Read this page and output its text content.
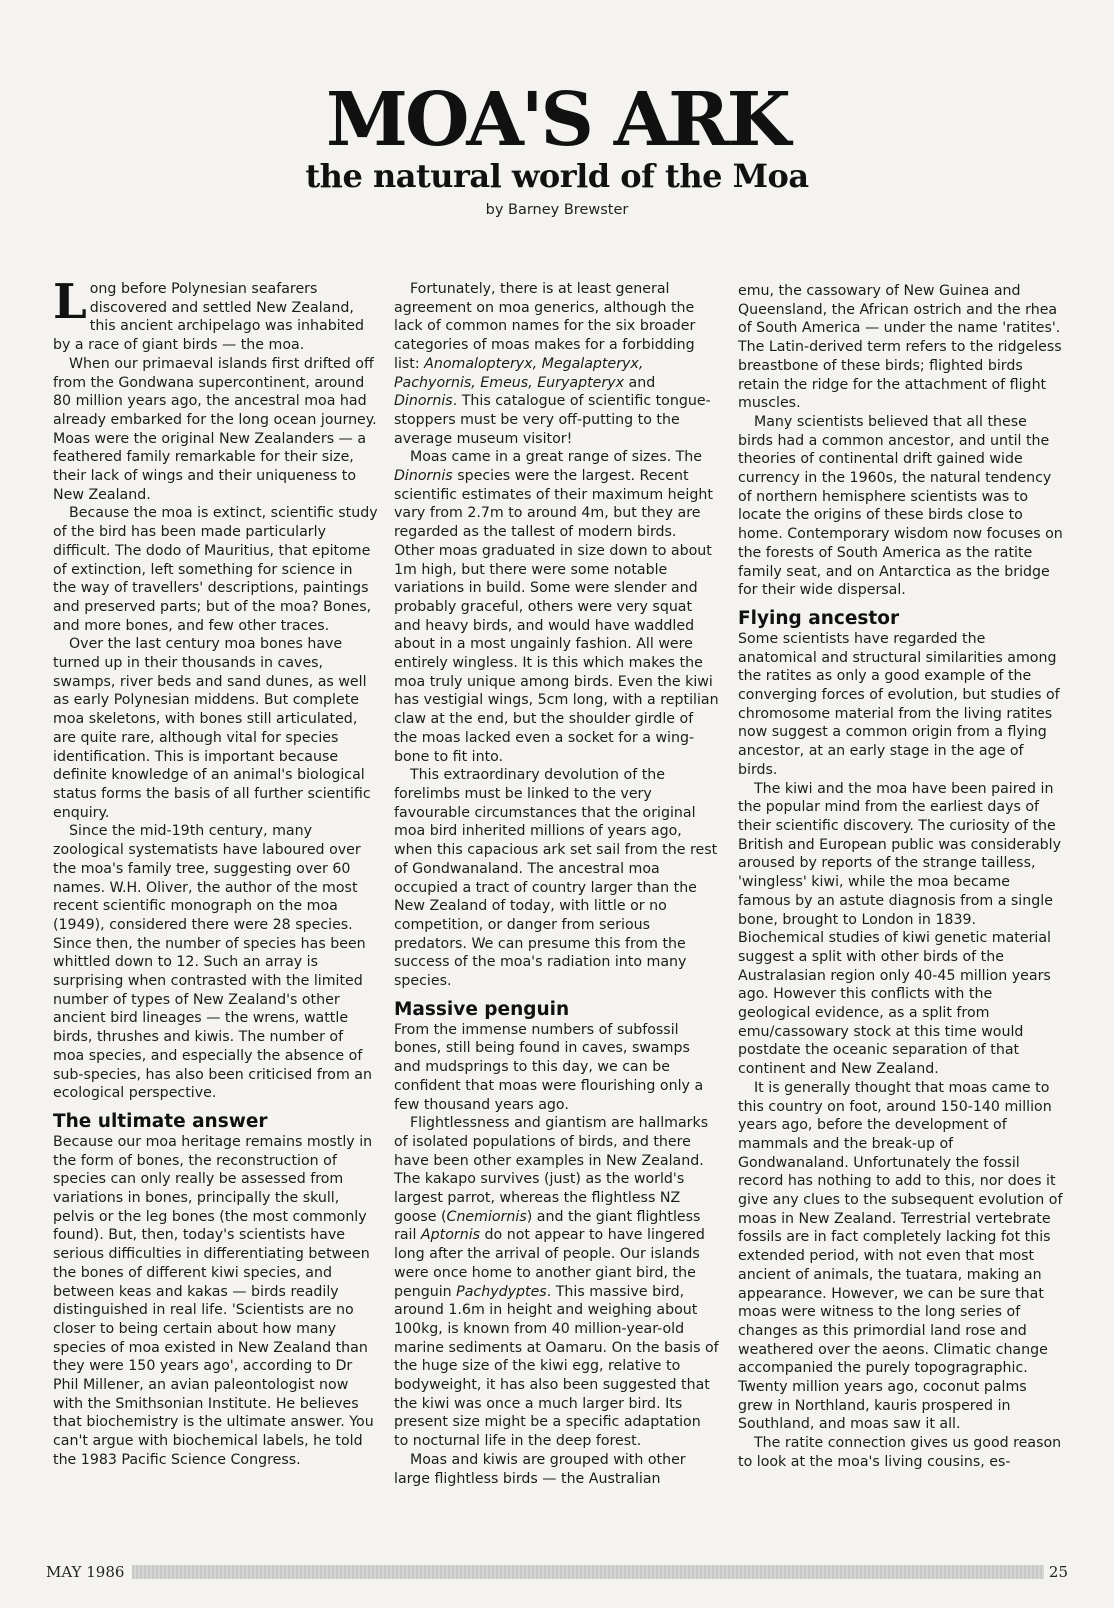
MOA'S ARK
the natural world of the Moa
by Barney Brewster

Long before Polynesian seafarers discovered and settled New Zealand, this ancient archipelago was inhabited by a race of giant birds — the moa.

When our primaeval islands first drifted off from the Gondwana supercontinent, around 80 million years ago, the ancestral moa had already embarked for the long ocean journey. Moas were the original New Zealanders — a feathered family remarkable for their size, their lack of wings and their uniqueness to New Zealand.

Because the moa is extinct, scientific study of the bird has been made particularly difficult. The dodo of Mauritius, that epitome of extinction, left something for science in the way of travellers' descriptions, paintings and preserved parts; but of the moa? Bones, and more bones, and few other traces.

Over the last century moa bones have turned up in their thousands in caves, swamps, river beds and sand dunes, as well as early Polynesian middens. But complete moa skeletons, with bones still articulated, are quite rare, although vital for species identification. This is important because definite knowledge of an animal's biological status forms the basis of all further scientific enquiry.

Since the mid-19th century, many zoological systematists have laboured over the moa's family tree, suggesting over 60 names. W.H. Oliver, the author of the most recent scientific monograph on the moa (1949), considered there were 28 species. Since then, the number of species has been whittled down to 12. Such an array is surprising when contrasted with the limited number of types of New Zealand's other ancient bird lineages — the wrens, wattle birds, thrushes and kiwis. The number of moa species, and especially the absence of sub-species, has also been criticised from an ecological perspective.

The ultimate answer

Because our moa heritage remains mostly in the form of bones, the reconstruction of species can only really be assessed from variations in bones, principally the skull, pelvis or the leg bones (the most commonly found). But, then, today's scientists have serious difficulties in differentiating between the bones of different kiwi species, and between keas and kakas — birds readily distinguished in real life. 'Scientists are no closer to being certain about how many species of moa existed in New Zealand than they were 150 years ago', according to Dr Phil Millener, an avian paleontologist now with the Smithsonian Institute. He believes that biochemistry is the ultimate answer. You can't argue with biochemical labels, he told the 1983 Pacific Science Congress.

Fortunately, there is at least general agreement on moa generics, although the lack of common names for the six broader categories of moas makes for a forbidding list: Anomalopteryx, Megalapteryx, Pachyornis, Emeus, Euryapteryx and Dinornis. This catalogue of scientific tongue-stoppers must be very off-putting to the average museum visitor!

Moas came in a great range of sizes. The Dinornis species were the largest. Recent scientific estimates of their maximum height vary from 2.7m to around 4m, but they are regarded as the tallest of modern birds. Other moas graduated in size down to about 1m high, but there were some notable variations in build. Some were slender and probably graceful, others were very squat and heavy birds, and would have waddled about in a most ungainly fashion. All were entirely wingless. It is this which makes the moa truly unique among birds. Even the kiwi has vestigial wings, 5cm long, with a reptilian claw at the end, but the shoulder girdle of the moas lacked even a socket for a wing-bone to fit into.

This extraordinary devolution of the forelimbs must be linked to the very favourable circumstances that the original moa bird inherited millions of years ago, when this capacious ark set sail from the rest of Gondwanaland. The ancestral moa occupied a tract of country larger than the New Zealand of today, with little or no competition, or danger from serious predators. We can presume this from the success of the moa's radiation into many species.

Massive penguin

From the immense numbers of subfossil bones, still being found in caves, swamps and mudsprings to this day, we can be confident that moas were flourishing only a few thousand years ago.

Flightlessness and giantism are hallmarks of isolated populations of birds, and there have been other examples in New Zealand. The kakapo survives (just) as the world's largest parrot, whereas the flightless NZ goose (Cnemiornis) and the giant flightless rail Aptornis do not appear to have lingered long after the arrival of people. Our islands were once home to another giant bird, the penguin Pachydyptes. This massive bird, around 1.6m in height and weighing about 100kg, is known from 40 million-year-old marine sediments at Oamaru. On the basis of the huge size of the kiwi egg, relative to bodyweight, it has also been suggested that the kiwi was once a much larger bird. Its present size might be a specific adaptation to nocturnal life in the deep forest.

Moas and kiwis are grouped with other large flightless birds — the Australian

emu, the cassowary of New Guinea and Queensland, the African ostrich and the rhea of South America — under the name 'ratites'. The Latin-derived term refers to the ridgeless breastbone of these birds; flighted birds retain the ridge for the attachment of flight muscles.

Many scientists believed that all these birds had a common ancestor, and until the theories of continental drift gained wide currency in the 1960s, the natural tendency of northern hemisphere scientists was to locate the origins of these birds close to home. Contemporary wisdom now focuses on the forests of South America as the ratite family seat, and on Antarctica as the bridge for their wide dispersal.

Flying ancestor

Some scientists have regarded the anatomical and structural similarities among the ratites as only a good example of the converging forces of evolution, but studies of chromosome material from the living ratites now suggest a common origin from a flying ancestor, at an early stage in the age of birds.

The kiwi and the moa have been paired in the popular mind from the earliest days of their scientific discovery. The curiosity of the British and European public was considerably aroused by reports of the strange tailless, 'wingless' kiwi, while the moa became famous by an astute diagnosis from a single bone, brought to London in 1839. Biochemical studies of kiwi genetic material suggest a split with other birds of the Australasian region only 40-45 million years ago. However this conflicts with the geological evidence, as a split from emu/cassowary stock at this time would postdate the oceanic separation of that continent and New Zealand.

It is generally thought that moas came to this country on foot, around 150-140 million years ago, before the development of mammals and the break-up of Gondwanaland. Unfortunately the fossil record has nothing to add to this, nor does it give any clues to the subsequent evolution of moas in New Zealand. Terrestrial vertebrate fossils are in fact completely lacking fot this extended period, with not even that most ancient of animals, the tuatara, making an appearance. However, we can be sure that moas were witness to the long series of changes as this primordial land rose and weathered over the aeons. Climatic change accompanied the purely topogragraphic. Twenty million years ago, coconut palms grew in Northland, kauris prospered in Southland, and moas saw it all.

The ratite connection gives us good reason to look at the moa's living cousins, es-

MAY 1986	25
